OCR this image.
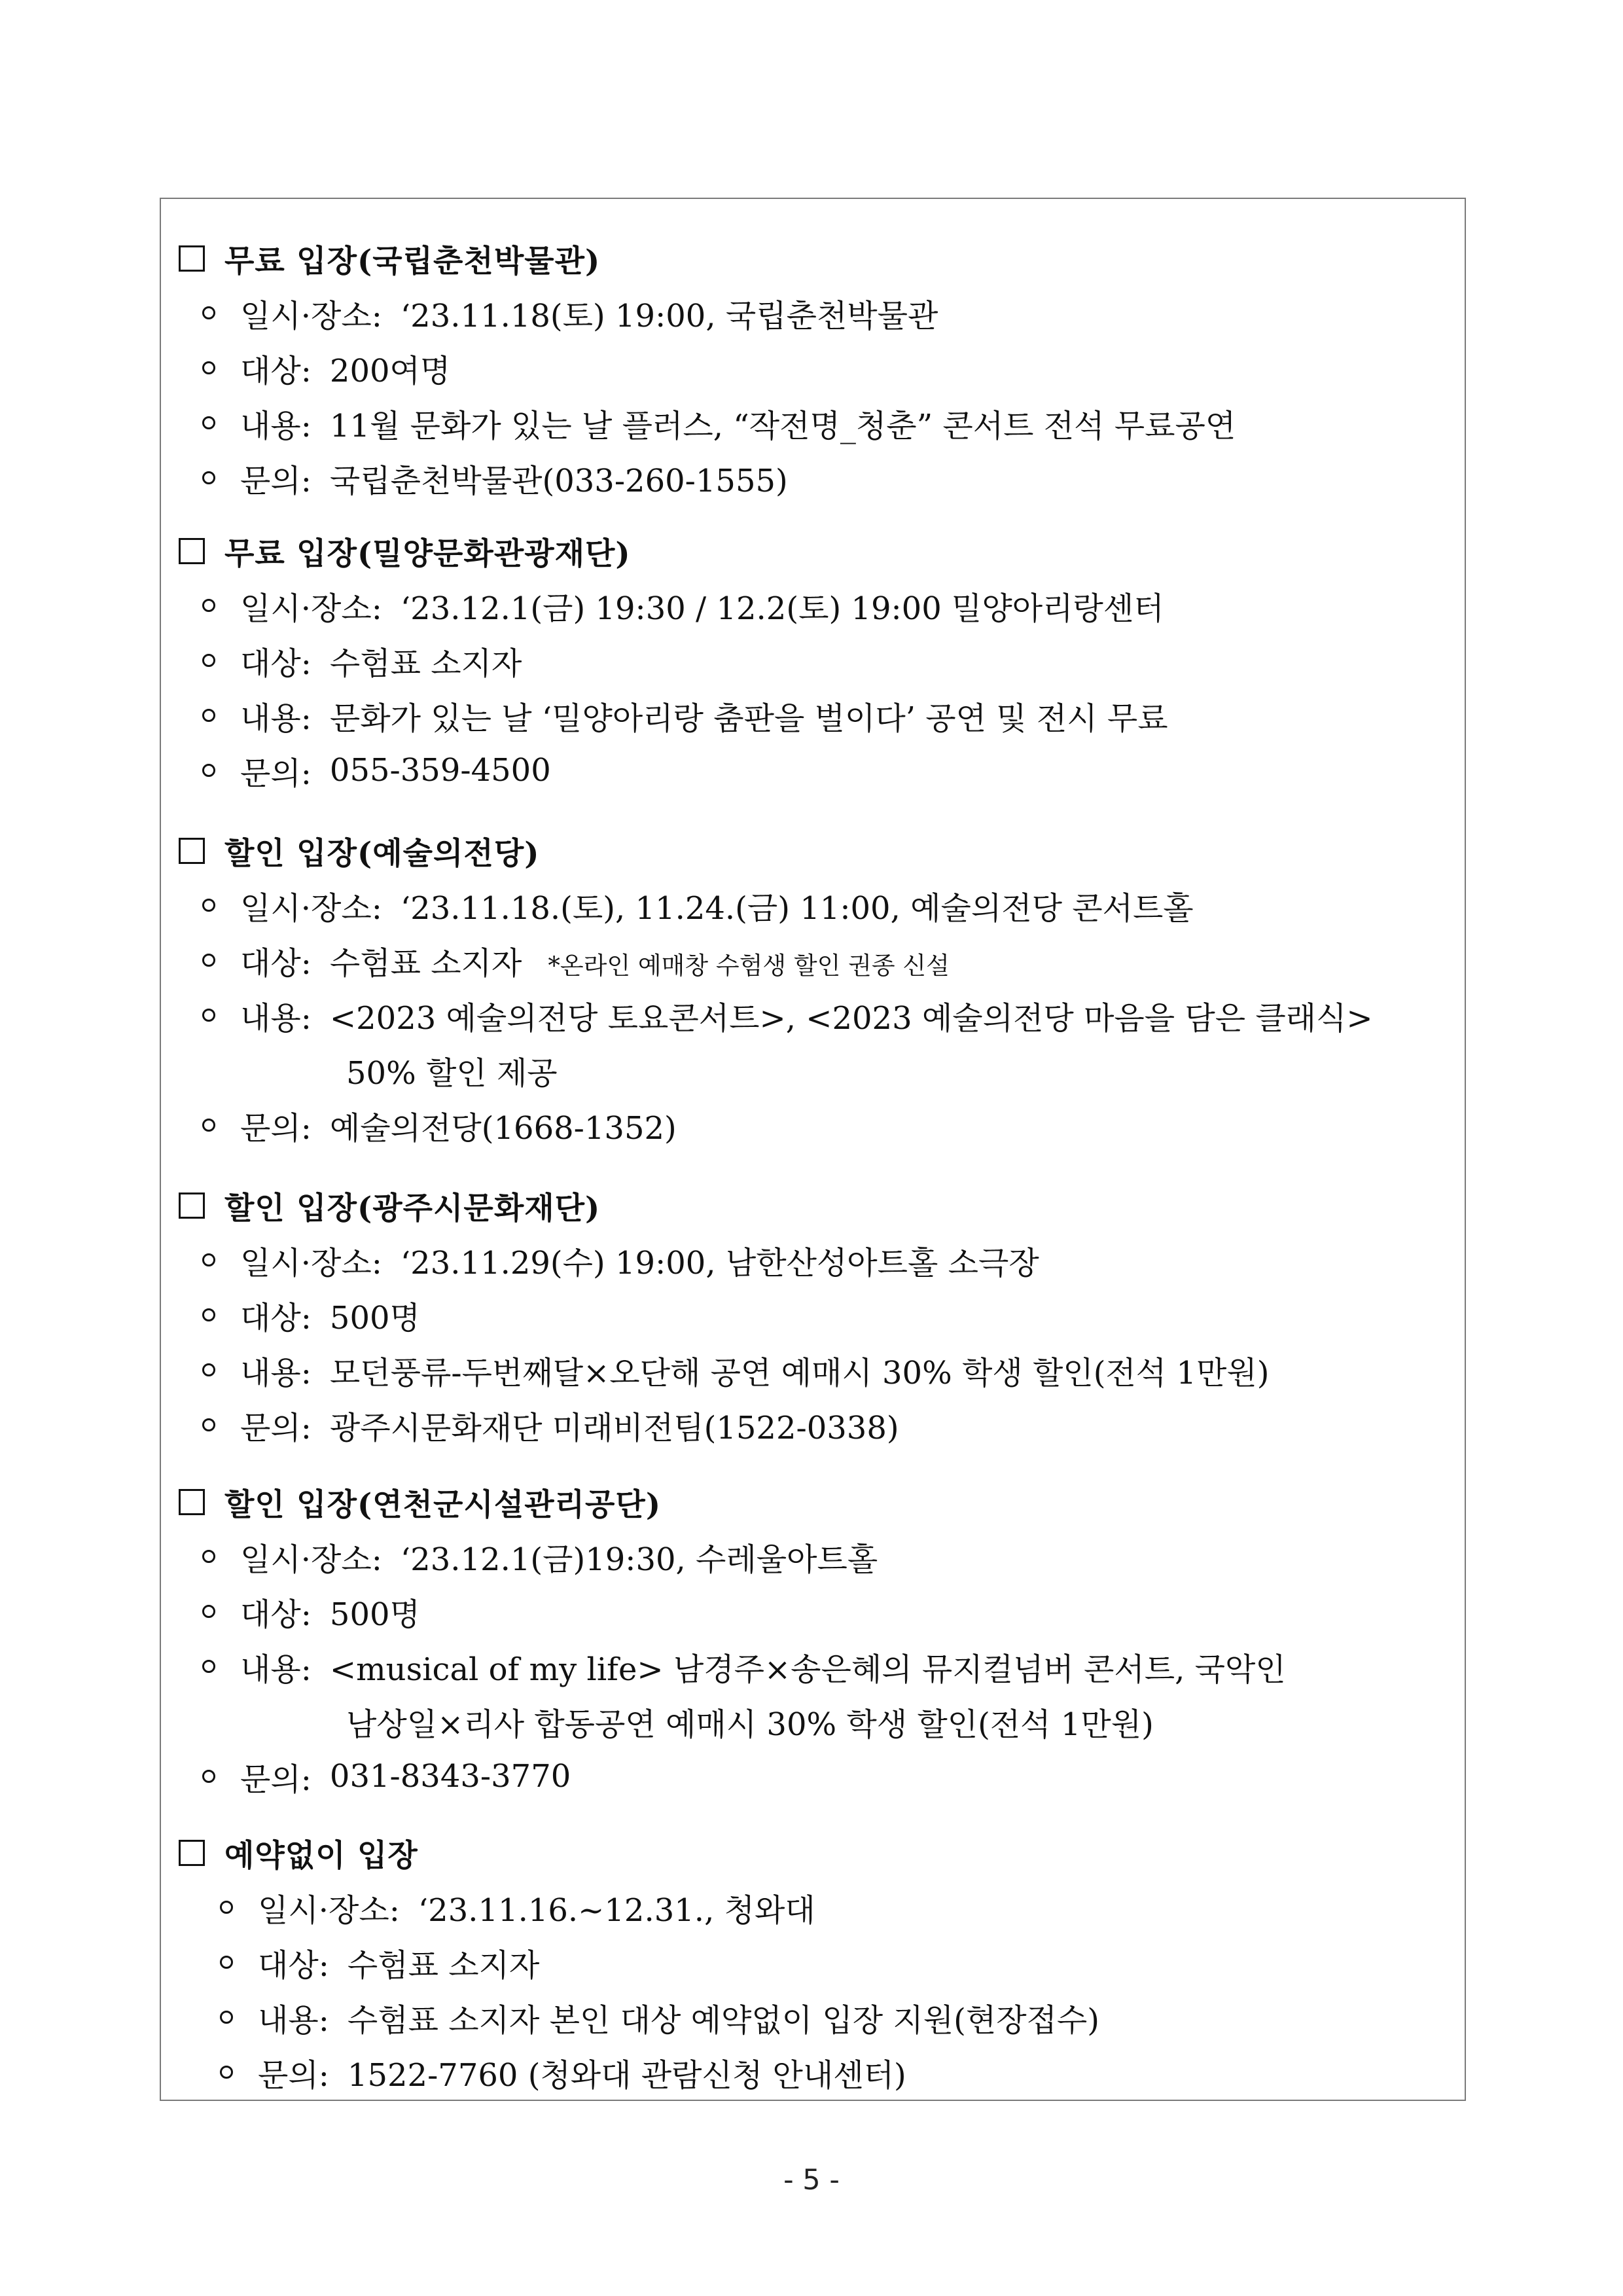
무료 입장(국립춘천박물관)
일시·장소: ‘23.11.18(토) 19:00, 국립춘천박물관
대상: 200여명
내용: 11월 문화가 있는 날 플러스, “작전명_청춘” 콘서트 전석 무료공연
문의: 국립춘천박물관(033-260-1555)
무료 입장(밀양문화관광재단)
일시·장소: ‘23.12.1(금) 19:30 / 12.2(토) 19:00 밀양아리랑센터
대상: 수험표 소지자
내용: 문화가 있는 날 ‘밀양아리랑 춤판을 벌이다’ 공연 및 전시 무료
문의: 055-359-4500
할인 입장(예술의전당)
일시·장소: ‘23.11.18.(토), 11.24.(금) 11:00, 예술의전당 콘서트홀
대상: 수험표 소지자 *온라인 예매창 수험생 할인 권종 신설
내용: <2023 예술의전당 토요콘서트>, <2023 예술의전당 마음을 담은 클래식>
50% 할인 제공
문의: 예술의전당(1668-1352)
할인 입장(광주시문화재단)
일시·장소: ‘23.11.29(수) 19:00, 남한산성아트홀 소극장
대상: 500명
내용: 모던풍류-두번째달×오단해 공연 예매시 30% 학생 할인(전석 1만원)
문의: 광주시문화재단 미래비전팀(1522-0338)
할인 입장(연천군시설관리공단)
일시·장소: ‘23.12.1(금)19:30, 수레울아트홀
대상: 500명
내용: <musical of my life> 남경주×송은혜의 뮤지컬넘버 콘서트, 국악인
남상일×리사 합동공연 예매시 30% 학생 할인(전석 1만원)
문의: 031-8343-3770
예약없이 입장
일시·장소: ‘23.11.16.~12.31., 청와대
대상: 수험표 소지자
내용: 수험표 소지자 본인 대상 예약없이 입장 지원(현장접수)
문의: 1522-7760 (청와대 관람신청 안내센터)
- 5 -
